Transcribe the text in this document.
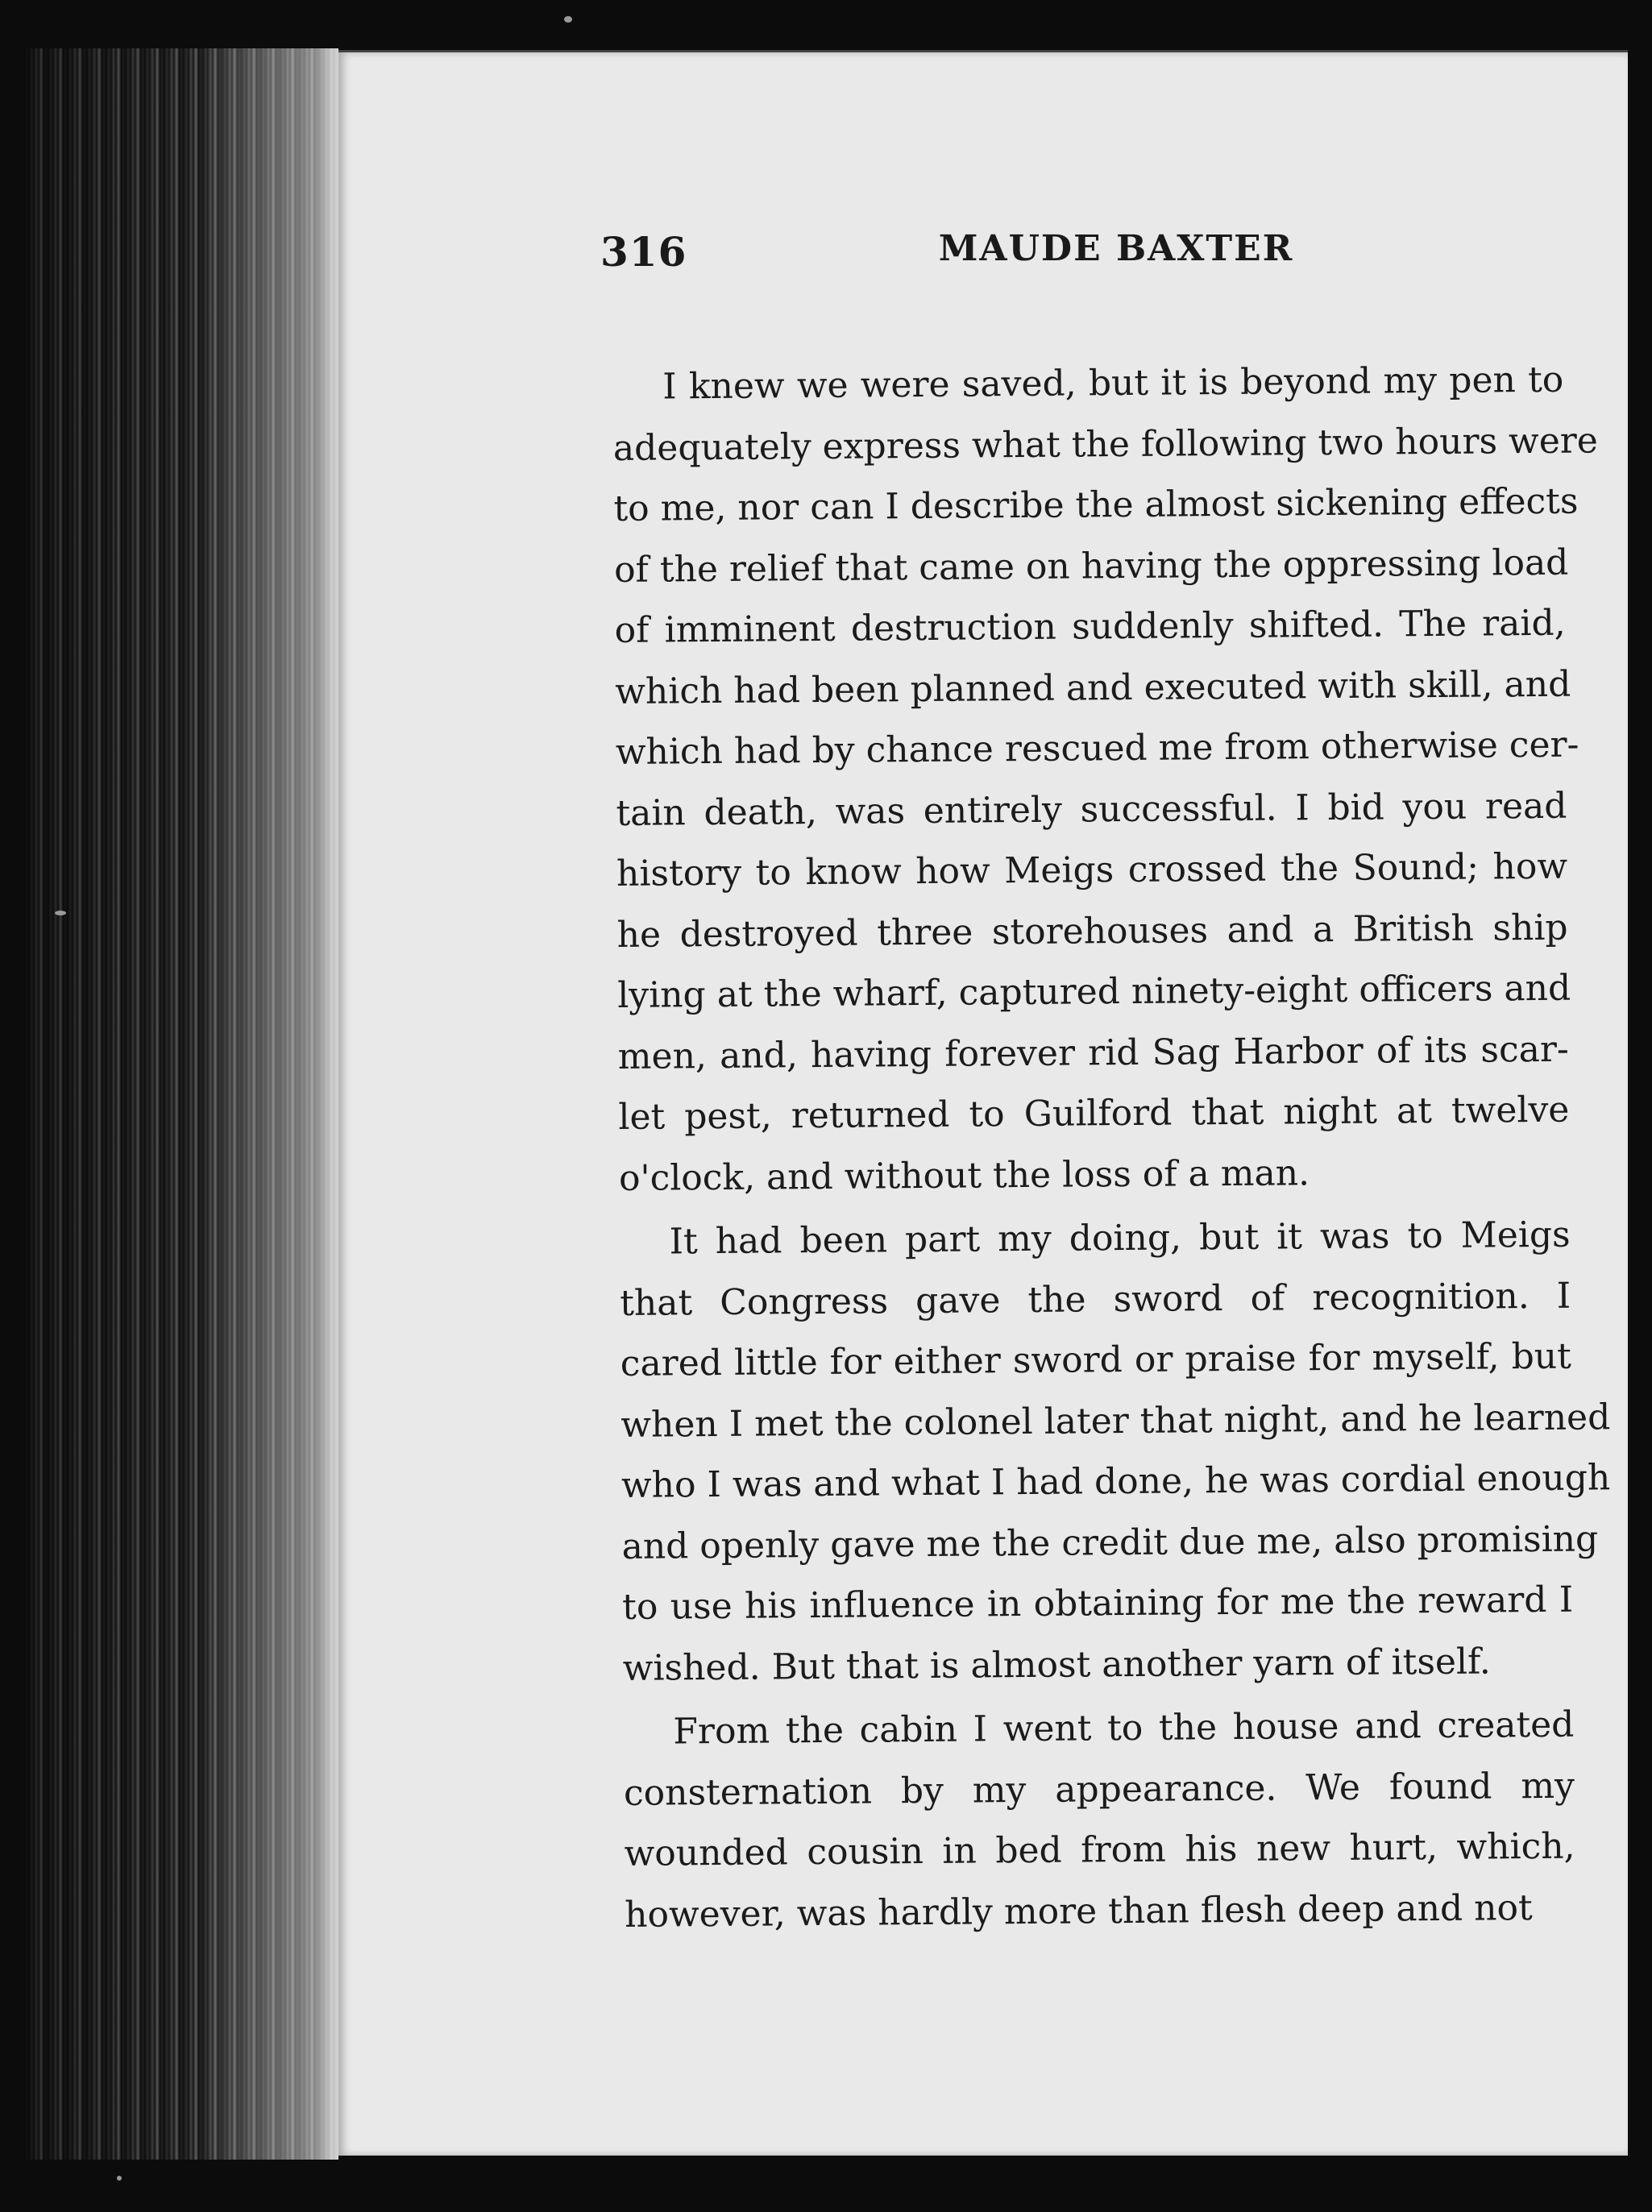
316	MAUDE BAXTER
I knew we were saved, but it is beyond my pen to
adequately express what the following two hours were
to me, nor can I describe the almost sickening effects
of the relief that came on having the oppressing load
of imminent destruction suddenly shifted. The raid,
which had been planned and executed with skill, and
which had by chance rescued me from otherwise cer-
tain death, was entirely successful. I bid you read
history to know how Meigs crossed the Sound; how
he destroyed three storehouses and a British ship
lying at the wharf, captured ninety-eight officers and
men, and, having forever rid Sag Harbor of its scar-
let pest, returned to Guilford that night at twelve
o'clock, and without the loss of a man.
It had been part my doing, but it was to Meigs
that Congress gave the sword of recognition. I
cared little for either sword or praise for myself, but
when I met the colonel later that night, and he learned
who I was and what I had done, he was cordial enough
and openly gave me the credit due me, also promising
to use his influence in obtaining for me the reward I
wished. But that is almost another yarn of itself.
From the cabin I went to the house and created
consternation by my appearance. We found my
wounded cousin in bed from his new hurt, which,
however, was hardly more than flesh deep and not
